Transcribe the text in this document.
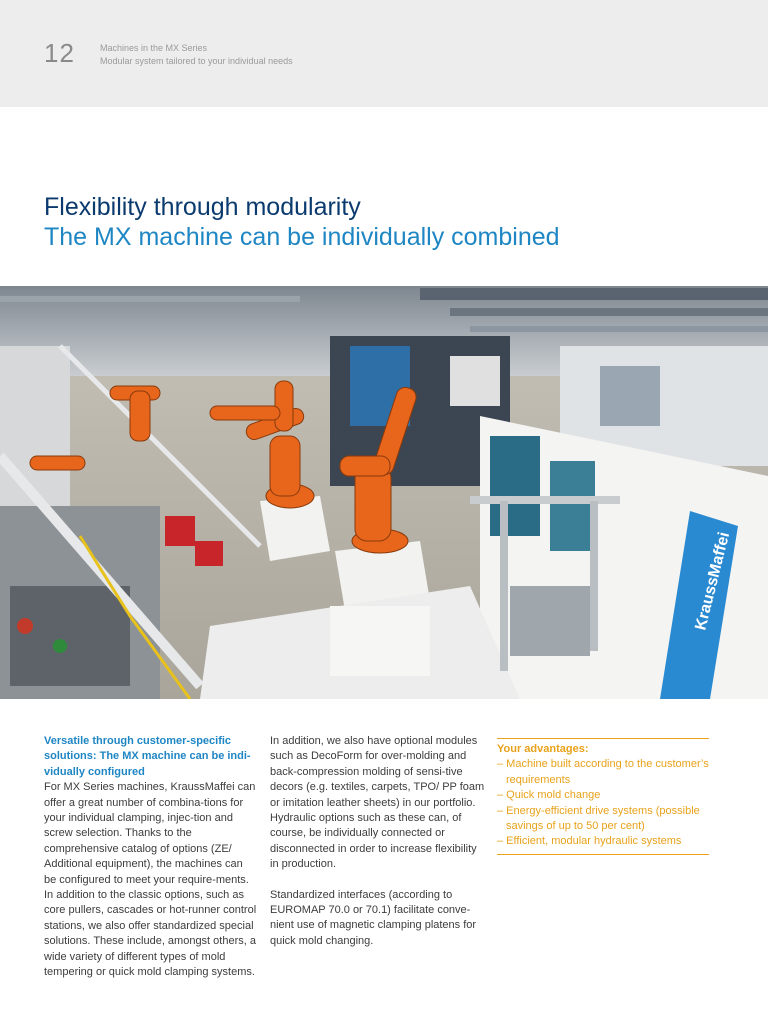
12	Machines in the MX Series
Modular system tailored to your individual needs
Flexibility through modularity
The MX machine can be individually combined
KraussMaffei
Versatile through customer-specific solutions: The MX machine can be indi-vidually configured
For MX Series machines, KraussMaffei can offer a great number of combina-tions for your individual clamping, injec-tion and screw selection. Thanks to the comprehensive catalog of options (ZE/ Additional equipment), the machines can be configured to meet your require-ments. In addition to the classic options, such as core pullers, cascades or hot-runner control stations, we also offer standardized special solutions. These include, amongst others, a wide variety of different types of mold tempering or quick mold clamping systems.

In addition, we also have optional modules such as DecoForm for over-molding and back-compression molding of sensi-tive decors (e.g. textiles, carpets, TPO/ PP foam or imitation leather sheets) in our portfolio. Hydraulic options such as these can, of course, be individually connected or disconnected in order to increase flexibility in production.

Standardized interfaces (according to EUROMAP 70.0 or 70.1) facilitate conve-nient use of magnetic clamping platens for quick mold changing.

Your advantages:
– Machine built according to the customer’s requirements
– Quick mold change
– Energy-efficient drive systems (possible savings of up to 50 per cent)
– Efficient, modular hydraulic systems
